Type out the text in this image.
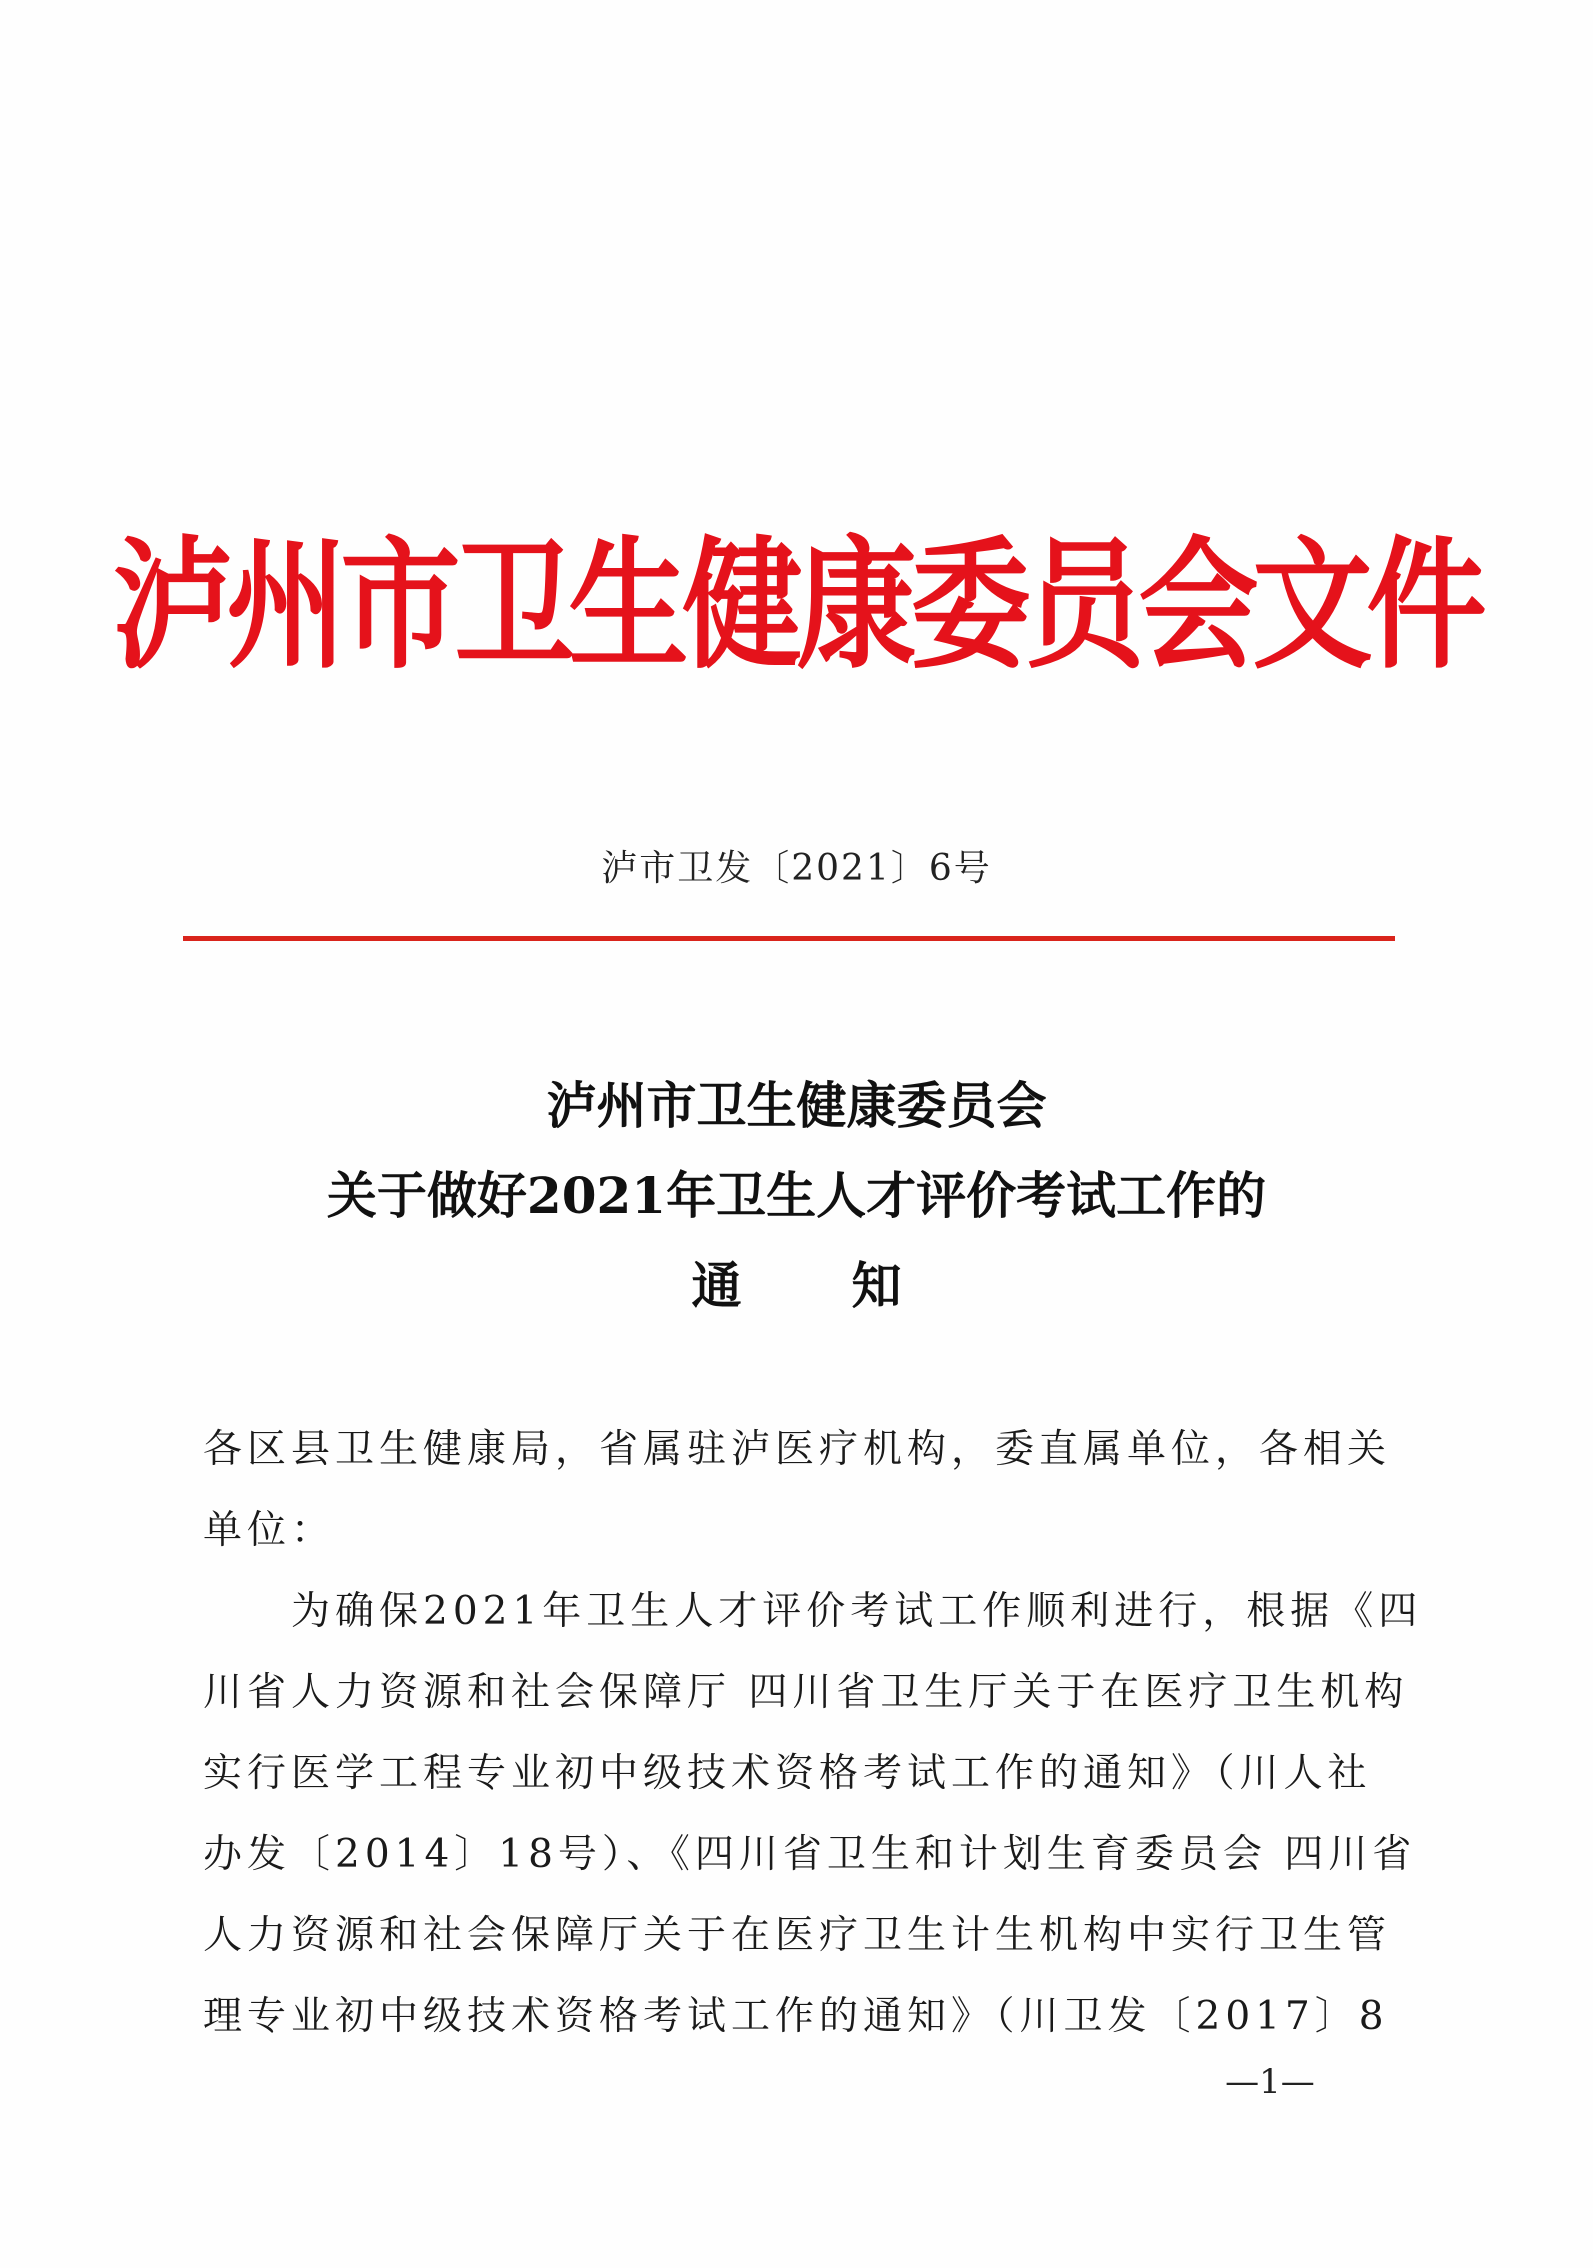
泸州市卫生健康委员会文件
泸市卫发〔2021〕6号
泸州市卫生健康委员会
关于做好2021年卫生人才评价考试工作的
通知
各区县卫生健康局，省属驻泸医疗机构，委直属单位，各相关
单位：
　　为确保2021年卫生人才评价考试工作顺利进行，根据《四
川省人力资源和社会保障厅 四川省卫生厅关于在医疗卫生机构
实行医学工程专业初中级技术资格考试工作的通知》（川人社
办发〔2014〕18号）、《四川省卫生和计划生育委员会 四川省
人力资源和社会保障厅关于在医疗卫生计生机构中实行卫生管
理专业初中级技术资格考试工作的通知》（川卫发〔2017〕8
—1—
